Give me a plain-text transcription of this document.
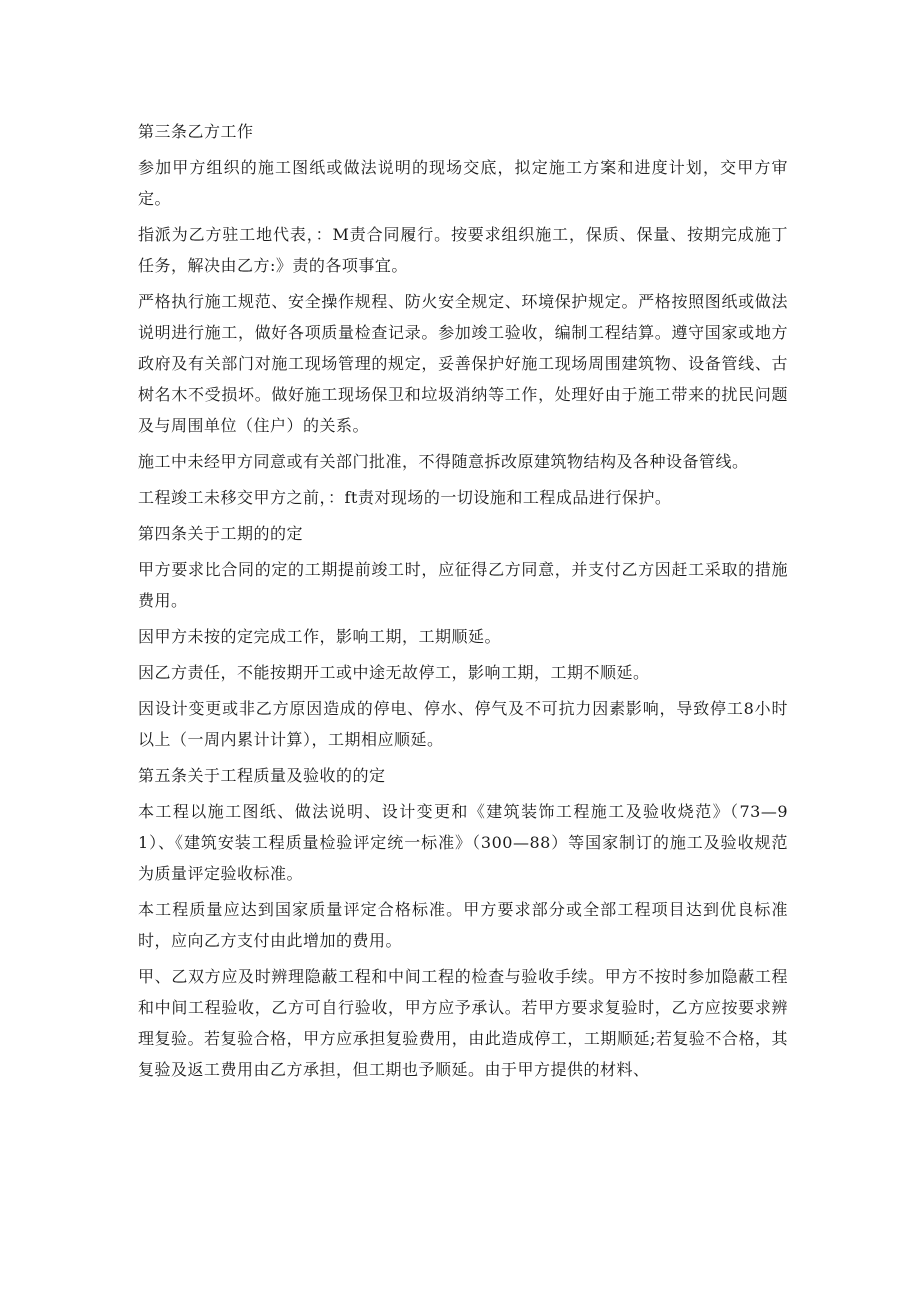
第三条乙方工作

参加甲方组织的施工图纸或做法说明的现场交底，拟定施工方案和进度计划，交甲方审定。

指派为乙方驻工地代表，：M责合同履行。按要求组织施工，保质、保量、按期完成施丁任务，解决由乙方:》责的各项事宜。

严格执行施工规范、安全操作规程、防火安全规定、环境保护规定。严格按照图纸或做法说明进行施工，做好各项质量检查记录。参加竣工验收，编制工程结算。遵守国家或地方政府及有关部门对施工现场管理的规定，妥善保护好施工现场周围建筑物、设备管线、古树名木不受损坏。做好施工现场保卫和垃圾消纳等工作，处理好由于施工带来的扰民问题及与周围单位（住户）的关系。

施工中未经甲方同意或有关部门批准，不得随意拆改原建筑物结构及各种设备管线。

工程竣工未移交甲方之前，：ft责对现场的一切设施和工程成品进行保护。

第四条关于工期的的定

甲方要求比合同的定的工期提前竣工时，应征得乙方同意，并支付乙方因赶工采取的措施费用。

因甲方未按的定完成工作，影响工期，工期顺延。

因乙方责任，不能按期开工或中途无故停工，影响工期，工期不顺延。

因设计变更或非乙方原因造成的停电、停水、停气及不可抗力因素影响，导致停工8小时以上（一周内累计计算），工期相应顺延。

第五条关于工程质量及验收的的定

本工程以施工图纸、做法说明、设计变更和《建筑装饰工程施工及验收烧范》（73—91）、《建筑安装工程质量检验评定统一标准》（300—88）等国家制订的施工及验收规范为质量评定验收标准。

本工程质量应达到国家质量评定合格标准。甲方要求部分或全部工程项目达到优良标准时，应向乙方支付由此增加的费用。

甲、乙双方应及时辨理隐蔽工程和中间工程的检查与验收手续。甲方不按时参加隐蔽工程和中间工程验收，乙方可自行验收，甲方应予承认。若甲方要求复验时，乙方应按要求辨理复验。若复验合格，甲方应承担复验费用，由此造成停工，工期顺延;若复验不合格，其复验及返工费用由乙方承担，但工期也予顺延。由于甲方提供的材料、
